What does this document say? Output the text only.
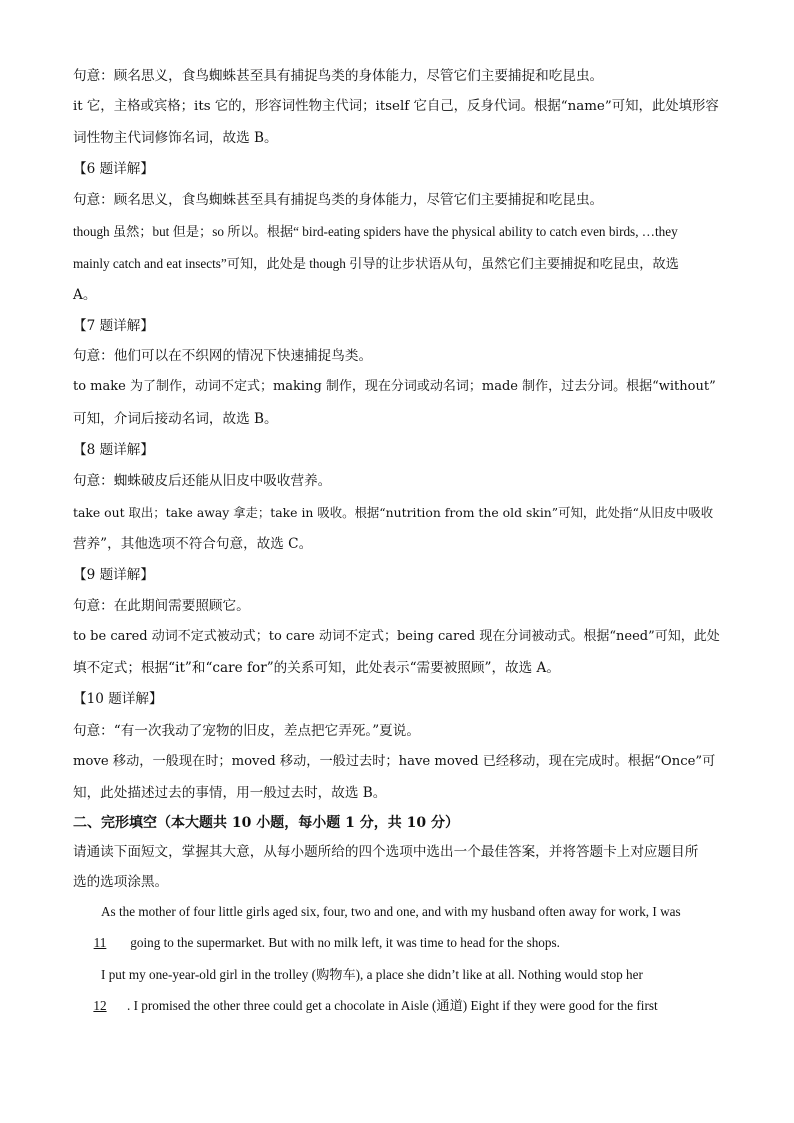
句意：顾名思义，食鸟蜘蛛甚至具有捕捉鸟类的身体能力，尽管它们主要捕捉和吃昆虫。
it 它，主格或宾格；its 它的，形容词性物主代词；itself 它自己，反身代词。根据“name”可知，此处填形容
词性物主代词修饰名词，故选 B。
【6 题详解】
句意：顾名思义，食鸟蜘蛛甚至具有捕捉鸟类的身体能力，尽管它们主要捕捉和吃昆虫。
though 虽然；but 但是；so 所以。根据“ bird-eating spiders have the physical ability to catch even birds, …they
mainly catch and eat insects”可知，此处是 though 引导的让步状语从句，虽然它们主要捕捉和吃昆虫，故选
A。
【7 题详解】
句意：他们可以在不织网的情况下快速捕捉鸟类。
to make 为了制作，动词不定式；making 制作，现在分词或动名词；made 制作，过去分词。根据“without”
可知，介词后接动名词，故选 B。
【8 题详解】
句意：蜘蛛破皮后还能从旧皮中吸收营养。
take out 取出；take away 拿走；take in 吸收。根据“nutrition from the old skin”可知，此处指“从旧皮中吸收
营养”，其他选项不符合句意，故选 C。
【9 题详解】
句意：在此期间需要照顾它。
to be cared 动词不定式被动式；to care 动词不定式；being cared 现在分词被动式。根据“need”可知，此处
填不定式；根据“it”和“care for”的关系可知，此处表示“需要被照顾”，故选 A。
【10 题详解】
句意：“有一次我动了宠物的旧皮，差点把它弄死。”夏说。
move 移动，一般现在时；moved 移动，一般过去时；have moved 已经移动，现在完成时。根据“Once”可
知，此处描述过去的事情，用一般过去时，故选 B。
二、完形填空（本大题共 10 小题，每小题 1 分，共 10 分）
请通读下面短文，掌握其大意，从每小题所给的四个选项中选出一个最佳答案，并将答题卡上对应题目所
选的选项涂黑。
As the mother of four little girls aged six, four, two and one, and with my husband often away for work, I was
11 going to the supermarket. But with no milk left, it was time to head for the shops.
I put my one-year-old girl in the trolley (购物车), a place she didn’t like at all. Nothing would stop her
12 . I promised the other three could get a chocolate in Aisle (通道) Eight if they were good for the first
